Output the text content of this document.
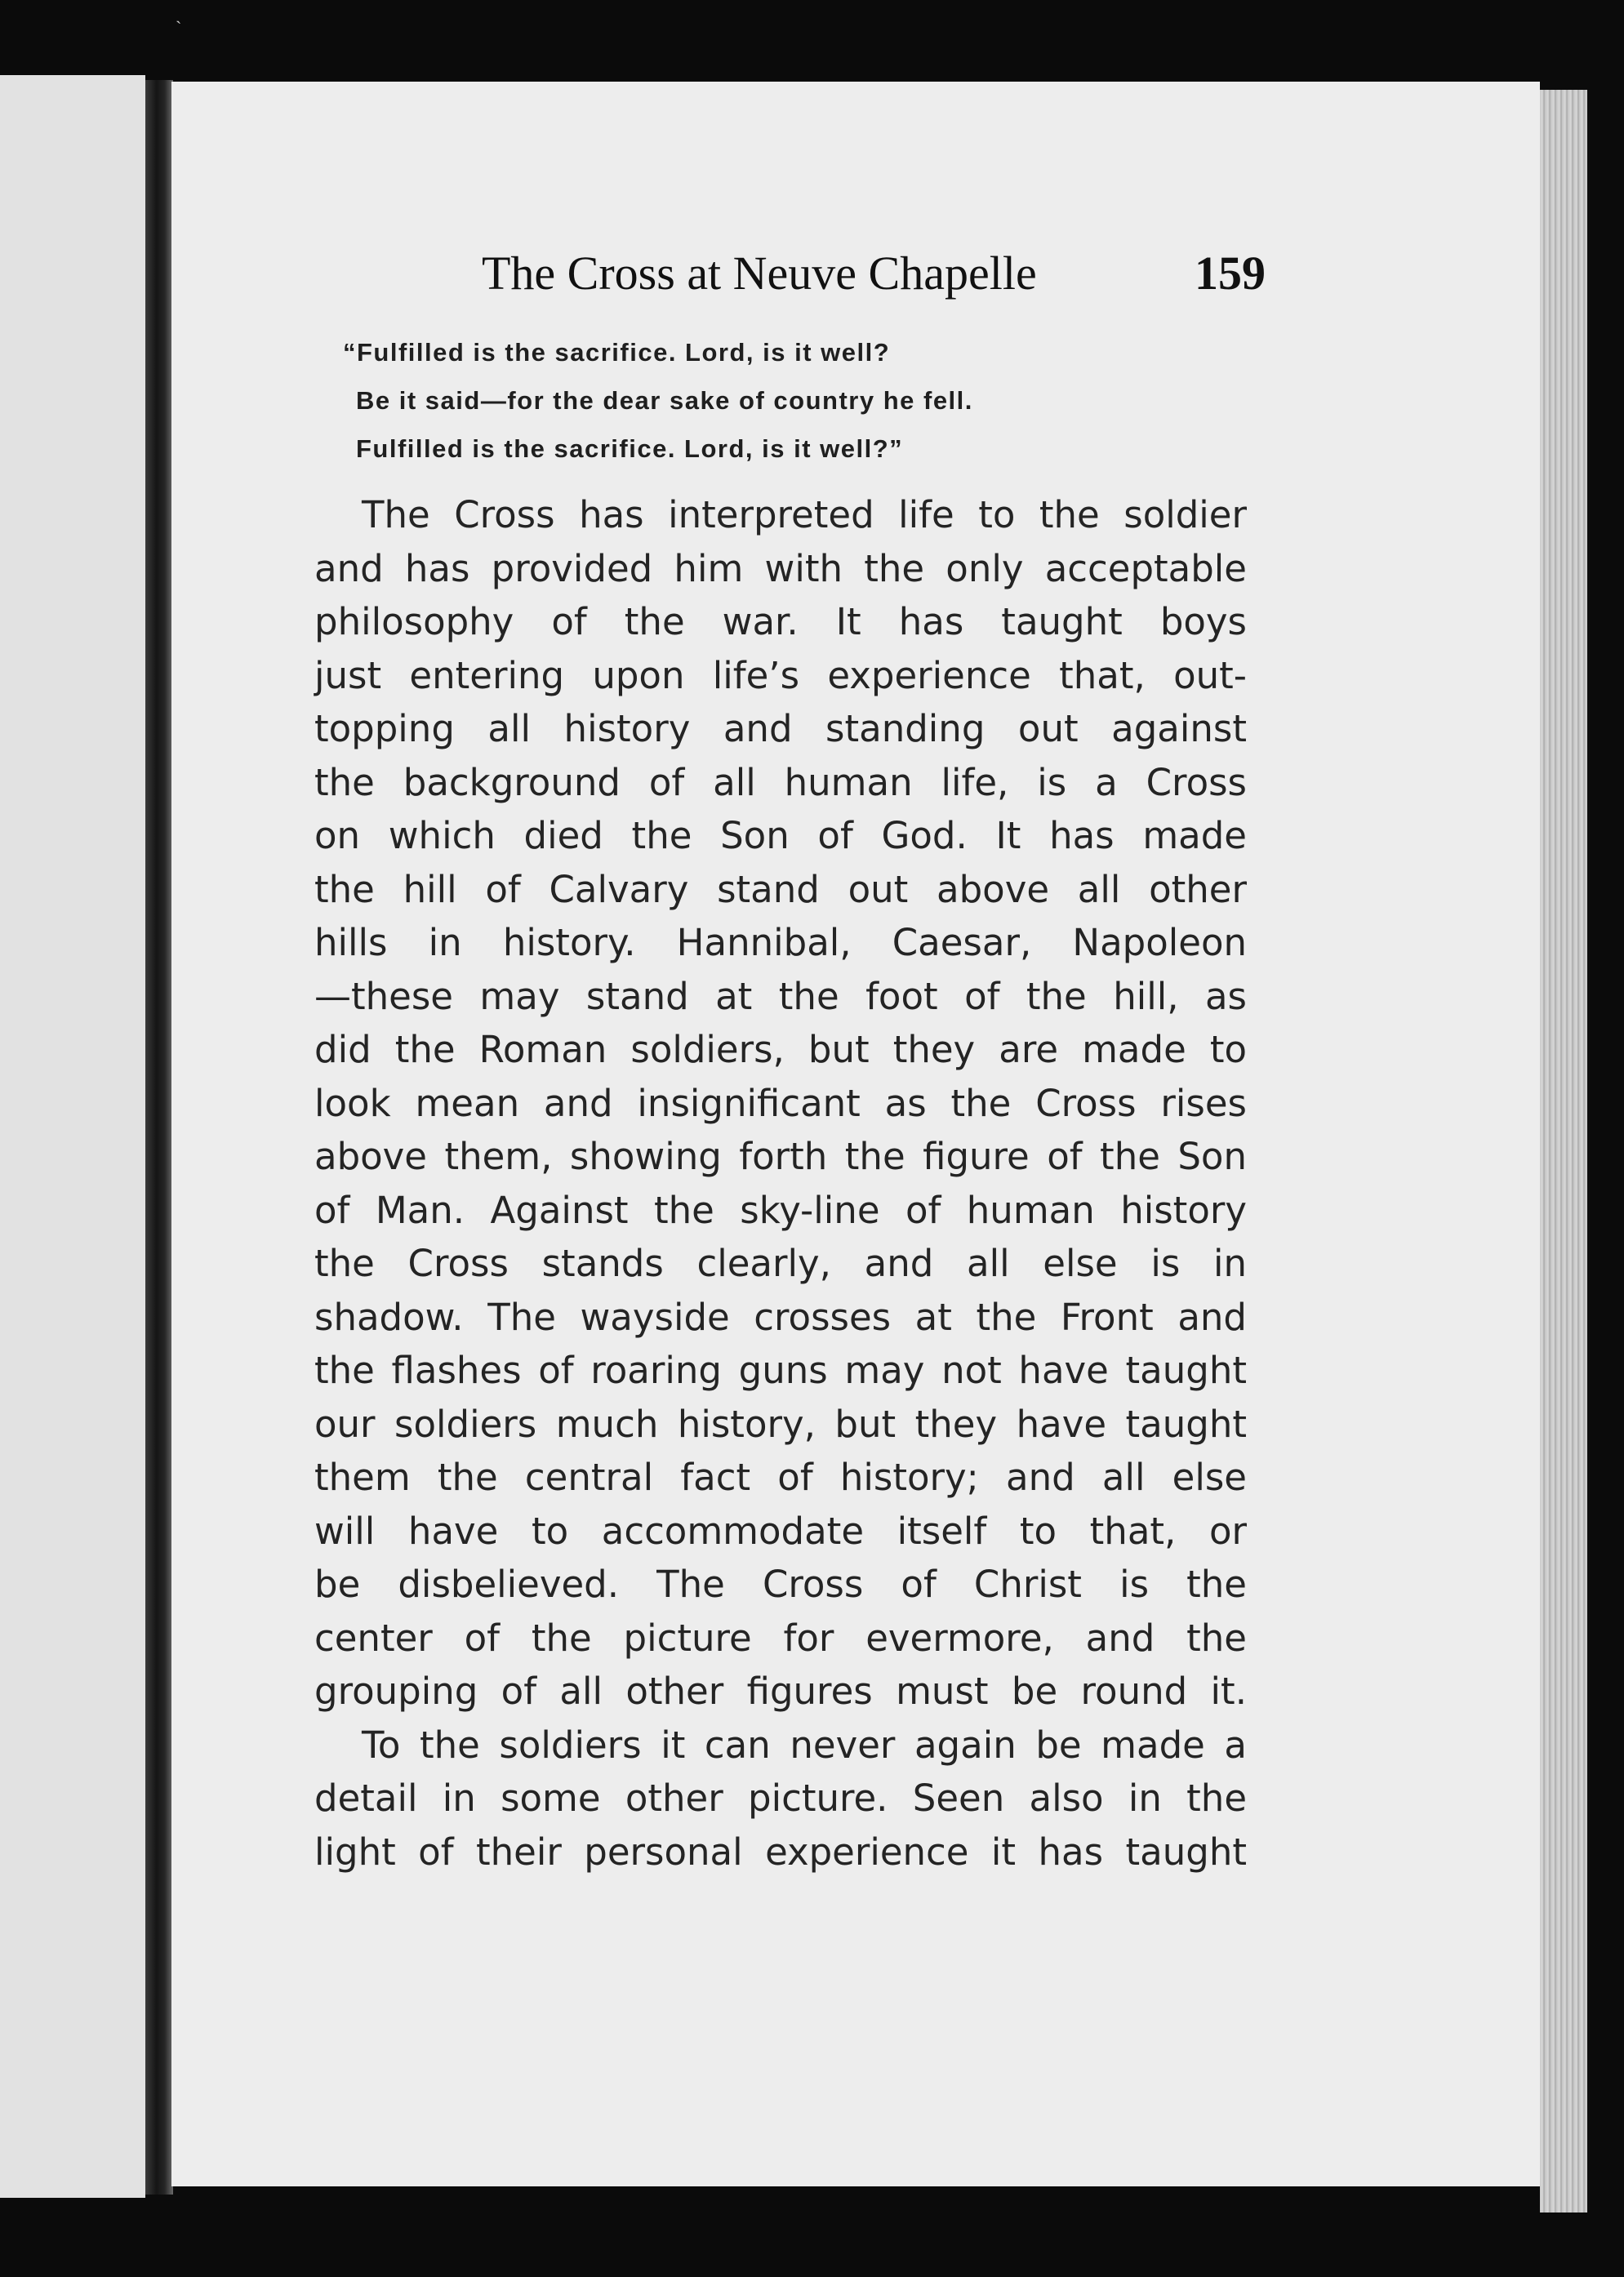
ˏ
The Cross at Neuve Chapelle	159
“Fulfilled is the sacrifice. Lord, is it well?
Be it said—for the dear sake of country he fell.
Fulfilled is the sacrifice. Lord, is it well?”
The Cross has interpreted life to the soldier
and has provided him with the only acceptable
philosophy of the war. It has taught boys
just entering upon life’s experience that, out-
topping all history and standing out against
the background of all human life, is a Cross
on which died the Son of God. It has made
the hill of Calvary stand out above all other
hills in history. Hannibal, Caesar, Napoleon
—these may stand at the foot of the hill, as
did the Roman soldiers, but they are made to
look mean and insignificant as the Cross rises
above them, showing forth the figure of the Son
of Man. Against the sky-line of human history
the Cross stands clearly, and all else is in
shadow. The wayside crosses at the Front and
the flashes of roaring guns may not have taught
our soldiers much history, but they have taught
them the central fact of history; and all else
will have to accommodate itself to that, or
be disbelieved. The Cross of Christ is the
center of the picture for evermore, and the
grouping of all other figures must be round it.
To the soldiers it can never again be made a
detail in some other picture. Seen also in the
light of their personal experience it has taught
